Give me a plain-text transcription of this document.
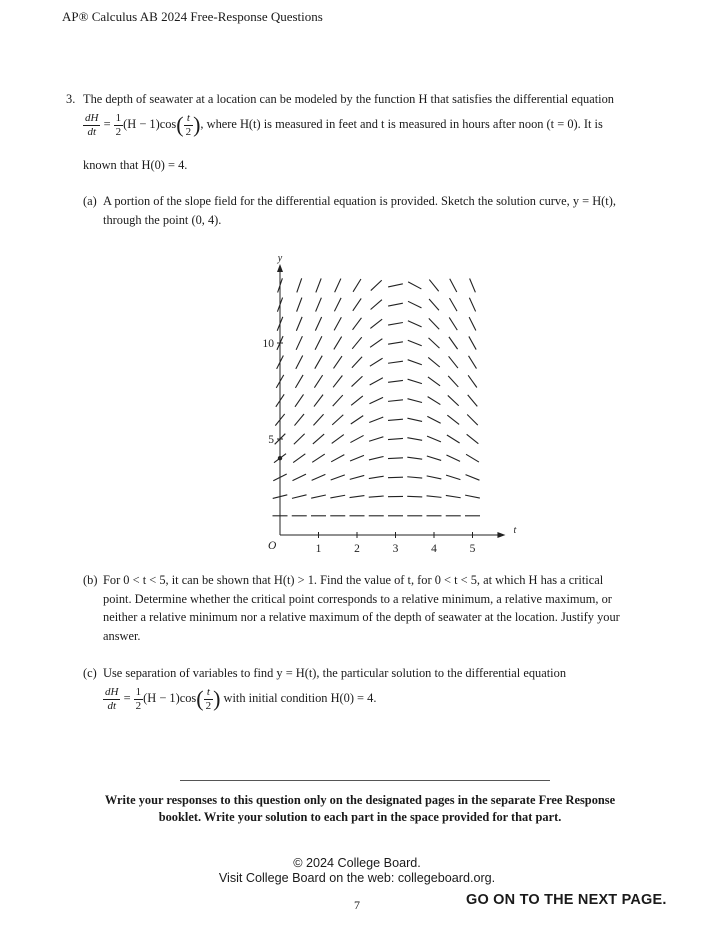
AP® Calculus AB 2024 Free-Response Questions
3. The depth of seawater at a location can be modeled by the function H that satisfies the differential equation
$\frac{dH}{dt} = \frac{1}{2} (H - 1)\cos( \frac{t}{2}$ ), where H(t) is measured in feet and t is measured in hours after noon (t = 0). It is
known that H(0) = 4.
(a) A portion of the slope field for the differential equation is provided. Sketch the solution curve, y = H(t),
through the point (0, 4).
1	2	3	4	5
5
10
y
t
O
(b) For 0 < t < 5, it can be shown that H(t) > 1. Find the value of t, for 0 < t < 5, at which H has a critical
point. Determine whether the critical point corresponds to a relative minimum, a relative maximum, or
neither a relative minimum nor a relative maximum of the depth of seawater at the location. Justify your
answer.
(c) Use separation of variables to find y = H(t), the particular solution to the differential equation
$\frac{dH}{dt} = \frac{1}{2} (H - 1)\cos( \frac{t}{2}$ ) with initial condition H(0) = 4.
Write your responses to this question only on the designated pages in the separate Free Response
booklet. Write your solution to each part in the space provided for that part.
© 2024 College Board.
Visit College Board on the web: collegeboard.org.
7	GO ON TO THE NEXT PAGE.
